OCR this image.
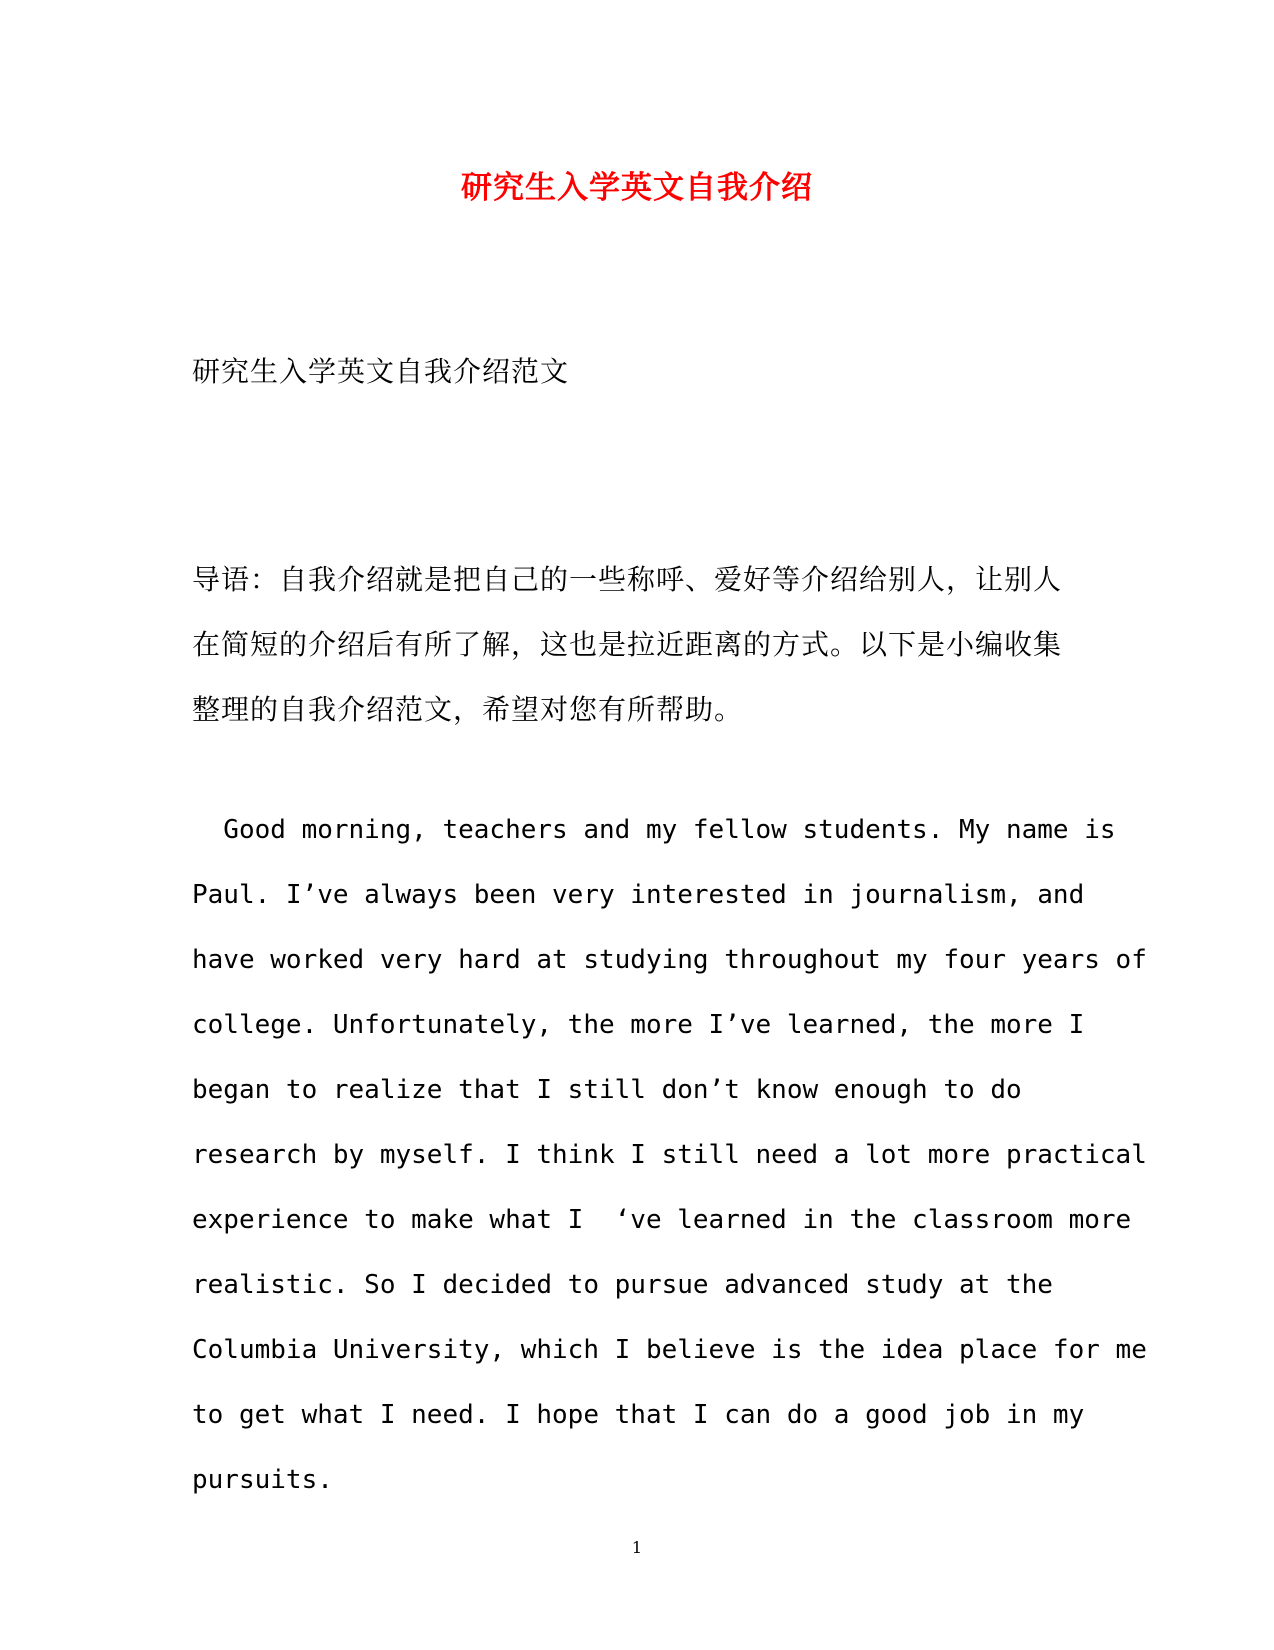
研究生入学英文自我介绍
研究生入学英文自我介绍范文
导语：自我介绍就是把自己的一些称呼、爱好等介绍给别人，让别人
在简短的介绍后有所了解，这也是拉近距离的方式。以下是小编收集
整理的自我介绍范文，希望对您有所帮助。
Good morning, teachers and my fellow students. My name is
Paul. I’ve always been very interested in journalism, and
have worked very hard at studying throughout my four years of
college. Unfortunately, the more I’ve learned, the more I
began to realize that I still don’t know enough to do
research by myself. I think I still need a lot more practical
experience to make what I  ‘ve learned in the classroom more
realistic. So I decided to pursue advanced study at the
Columbia University, which I believe is the idea place for me
to get what I need. I hope that I can do a good job in my
pursuits.
1
